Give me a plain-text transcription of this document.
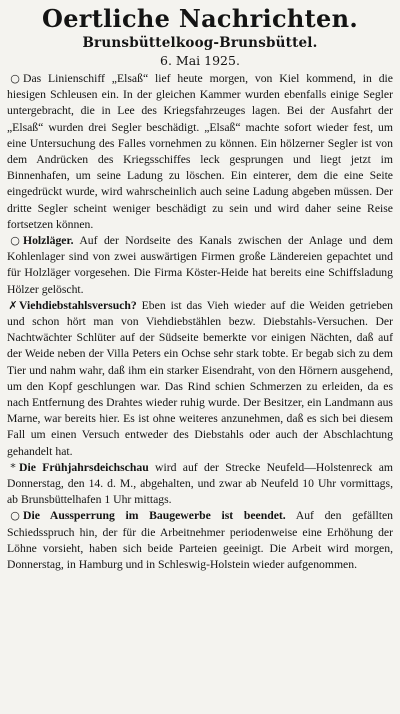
Oertliche Nachrichten.

Brunsbüttelkoog-Brunsbüttel.

6. Mai 1925.

○ Das Linienschiff „Elsaß“ lief heute morgen, von Kiel kommend, in die hiesigen Schleusen ein. In der gleichen Kammer wurden ebenfalls einige Segler untergebracht, die in Lee des Kriegsfahrzeuges lagen. Bei der Ausfahrt der „Elsaß“ wurden drei Segler beschädigt. „Elsaß“ machte sofort wieder fest, um eine Untersuchung des Falles vornehmen zu können. Ein hölzerner Segler ist von dem Andrücken des Kriegsschiffes leck gesprungen und liegt jetzt im Binnenhafen, um seine Ladung zu löschen. Ein einterer, dem die eine Seite eingedrückt wurde, wird wahrscheinlich auch seine Ladung abgeben müssen. Der dritte Segler scheint weniger beschädigt zu sein und wird daher seine Reise fortsetzen können.

○ Holzläger. Auf der Nordseite des Kanals zwischen der Anlage und dem Kohlenlager sind von zwei auswärtigen Firmen große Ländereien gepachtet und für Holzläger vorgesehen. Die Firma Köster-Heide hat bereits eine Schiffsladung Hölzer gelöscht.

✗Viehdiebstahlsversuch? Eben ist das Vieh wieder auf die Weiden getrieben und schon hört man von Viehdiebstählen bezw. Diebstahls-Versuchen. Der Nachtwächter Schlüter auf der Südseite bemerkte vor einigen Nächten, daß auf der Weide neben der Villa Peters ein Ochse sehr stark tobte. Er begab sich zu dem Tier und nahm wahr, daß ihm ein starker Eisendraht, von den Hörnern ausgehend, um den Kopf geschlungen war. Das Rind schien Schmerzen zu erleiden, da es nach Entfernung des Drahtes wieder ruhig wurde. Der Besitzer, ein Landmann aus Marne, war bereits hier. Es ist ohne weiteres anzunehmen, daß es sich bei diesem Fall um einen Versuch entweder des Diebstahls oder auch der Abschlachtung gehandelt hat.

* Die Frühjahrsdeichschau wird auf der Strecke Neufeld—Holstenreck am Donnerstag, den 14. d. M., abgehalten, und zwar ab Neufeld 10 Uhr vormittags, ab Brunsbüttelhafen 1 Uhr mittags.

○ Die Aussperrung im Baugewerbe ist beendet. Auf den gefällten Schiedsspruch hin, der für die Arbeitnehmer periodenweise eine Erhöhung der Löhne vorsieht, haben sich beide Parteien geeinigt. Die Arbeit wird morgen, Donnerstag, in Hamburg und in Schleswig-Holstein wieder aufgenommen.
